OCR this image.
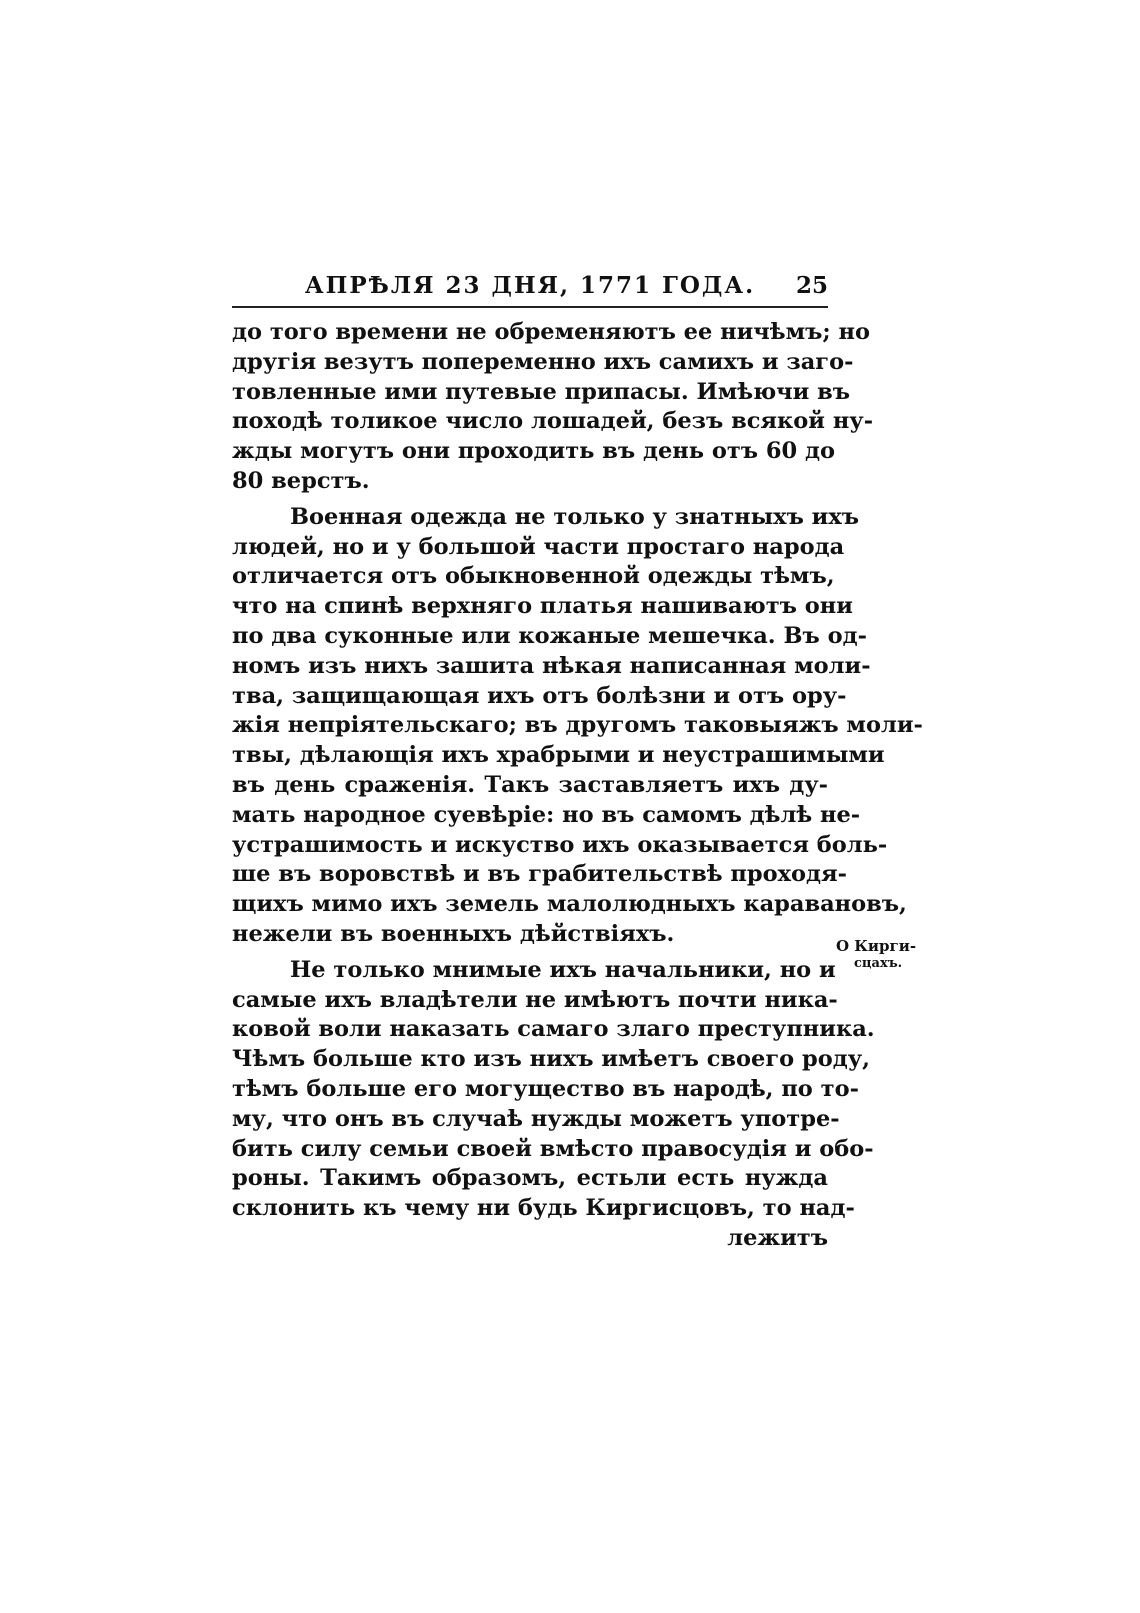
АПРѢЛЯ 23 ДНЯ, 1771 ГОДА.	25
до того времени не обременяютъ ее ничѣмъ; но
другія везутъ попеременно ихъ самихъ и заго-
товленные ими путевые припасы. Имѣючи въ
походѣ толикое число лошадей, безъ всякой ну-
жды могутъ они проходить въ день отъ 60 до
80 верстъ.
Военная одежда не только у знатныхъ ихъ
людей, но и у большой части простаго народа
отличается отъ обыкновенной одежды тѣмъ,
что на спинѣ верхняго платья нашиваютъ они
по два суконные или кожаные мешечка. Въ од-
номъ изъ нихъ зашита нѣкая написанная моли-
тва, защищающая ихъ отъ болѣзни и отъ ору-
жія непріятельскаго; въ другомъ таковыяжъ моли-
твы, дѣлающія ихъ храбрыми и неустрашимыми
въ день сраженія. Такъ заставляетъ ихъ ду-
мать народное суевѣріе: но въ самомъ дѣлѣ не-
устрашимость и искуство ихъ оказывается боль-
ше въ воровствѣ и въ грабительствѣ проходя-
щихъ мимо ихъ земель малолюдныхъ каравановъ,
нежели въ военныхъ дѣйствіяхъ.
Не только мнимые ихъ начальники, но и
самые ихъ владѣтели не имѣютъ почти ника-
ковой воли наказать самаго злаго преступника.
Чѣмъ больше кто изъ нихъ имѣетъ своего роду,
тѣмъ больше его могущество въ народѣ, по то-
му, что онъ въ случаѣ нужды можетъ употре-
бить силу семьи своей вмѣсто правосудія и обо-
роны. Такимъ образомъ, естьли есть нужда
склонить къ чему ни будь Киргисцовъ, то над-
лежитъ
О Кирги-
сцахъ.
